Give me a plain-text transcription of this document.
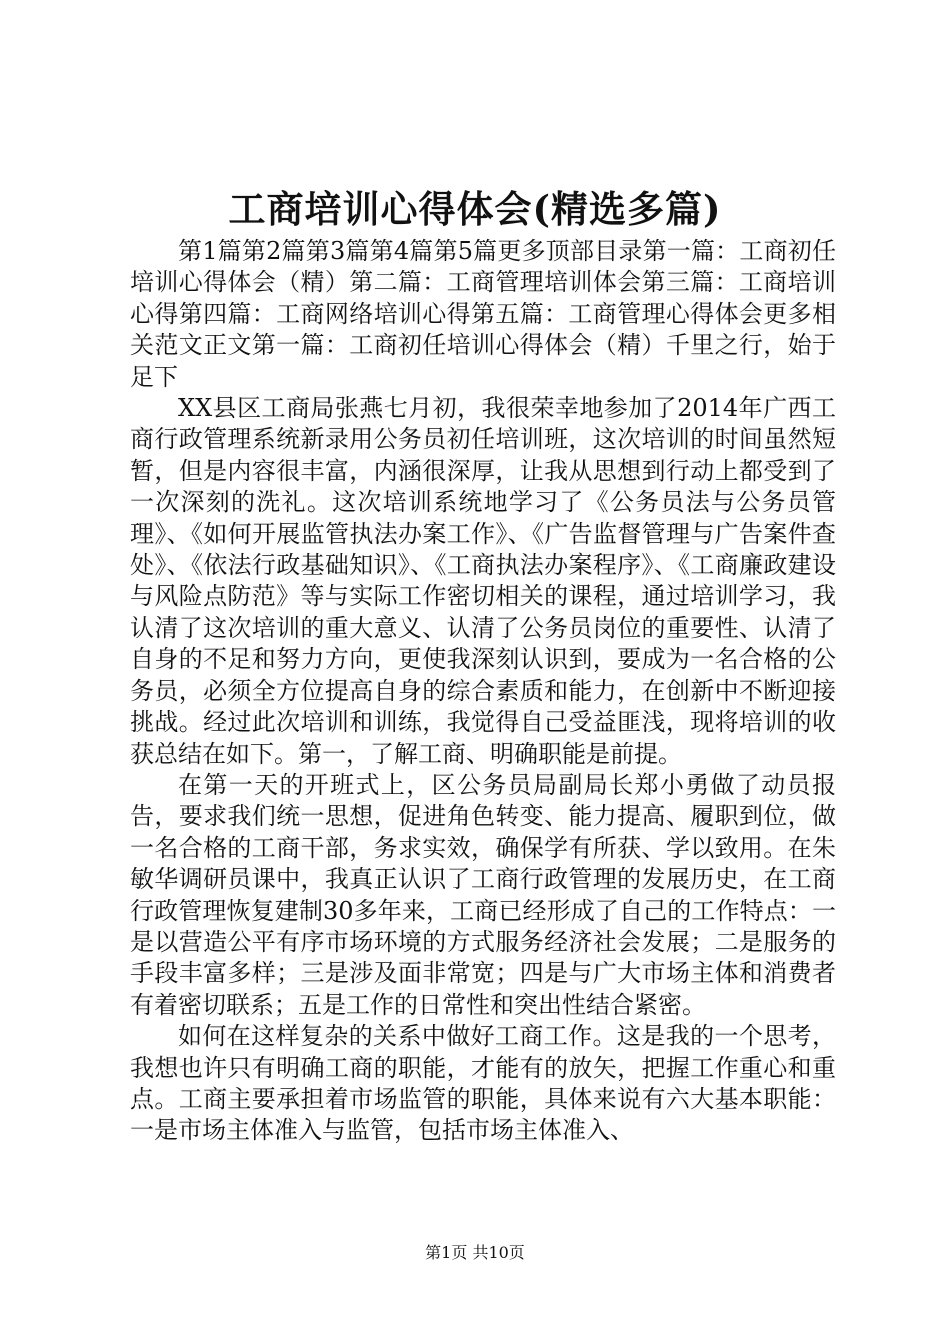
工商培训心得体会(精选多篇)

第1篇第2篇第3篇第4篇第5篇更多顶部目录第一篇：工商初任培训心得体会（精）第二篇：工商管理培训体会第三篇：工商培训心得第四篇：工商网络培训心得第五篇：工商管理心得体会更多相关范文正文第一篇：工商初任培训心得体会（精）千里之行，始于足下

XX县区工商局张燕七月初，我很荣幸地参加了2014年广西工商行政管理系统新录用公务员初任培训班，这次培训的时间虽然短暂，但是内容很丰富，内涵很深厚，让我从思想到行动上都受到了一次深刻的洗礼。这次培训系统地学习了《公务员法与公务员管理》、《如何开展监管执法办案工作》、《广告监督管理与广告案件查处》、《依法行政基础知识》、《工商执法办案程序》、《工商廉政建设与风险点防范》等与实际工作密切相关的课程，通过培训学习，我认清了这次培训的重大意义、认清了公务员岗位的重要性、认清了自身的不足和努力方向，更使我深刻认识到，要成为一名合格的公务员，必须全方位提高自身的综合素质和能力，在创新中不断迎接挑战。经过此次培训和训练，我觉得自己受益匪浅，现将培训的收获总结在如下。第一，了解工商、明确职能是前提。

在第一天的开班式上，区公务员局副局长郑小勇做了动员报告，要求我们统一思想，促进角色转变、能力提高、履职到位，做一名合格的工商干部，务求实效，确保学有所获、学以致用。在朱敏华调研员课中，我真正认识了工商行政管理的发展历史，在工商行政管理恢复建制30多年来，工商已经形成了自己的工作特点：一是以营造公平有序市场环境的方式服务经济社会发展；二是服务的手段丰富多样；三是涉及面非常宽；四是与广大市场主体和消费者有着密切联系；五是工作的日常性和突出性结合紧密。

如何在这样复杂的关系中做好工商工作。这是我的一个思考，我想也许只有明确工商的职能，才能有的放矢，把握工作重心和重点。工商主要承担着市场监管的职能，具体来说有六大基本职能：一是市场主体准入与监管，包括市场主体准入、

第1页 共10页
